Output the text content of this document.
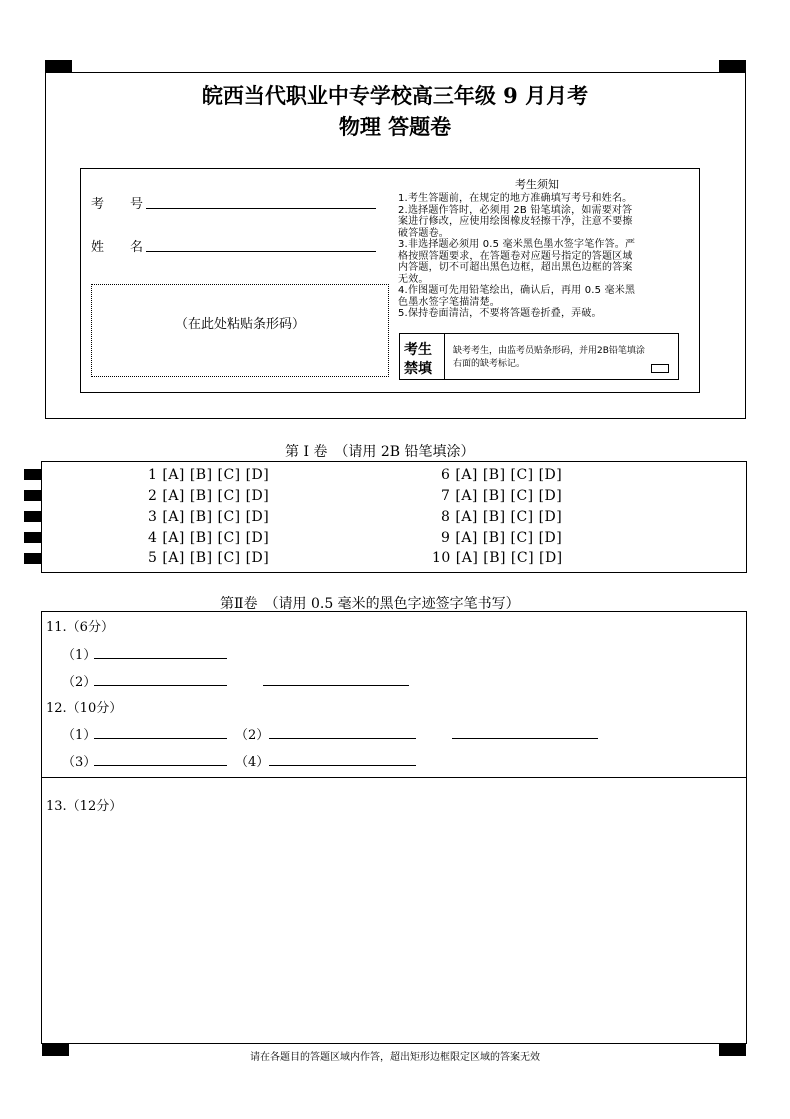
皖西当代职业中专学校高三年级 9 月月考
物理 答题卷
考　　号
姓　　名
（在此处粘贴条形码）
考生须知
1.考生答题前，在规定的地方准确填写考号和姓名。
2.选择题作答时，必须用 2B 铅笔填涂，如需要对答
案进行修改，应使用绘图橡皮轻擦干净，注意不要擦
破答题卷。
3.非选择题必须用 0.5 毫米黑色墨水签字笔作答。严
格按照答题要求，在答题卷对应题号指定的答题区域
内答题，切不可超出黑色边框，超出黑色边框的答案
无效。
4.作图题可先用铅笔绘出，确认后，再用 0.5 毫米黑
色墨水签字笔描清楚。
5.保持卷面清洁，不要将答题卷折叠，弄破。
考生
禁填
缺考考生，由监考员贴条形码，并用2B铅笔填涂
右面的缺考标记。
第 I 卷　（请用 2B 铅笔填涂）
1 [A] [B] [C] [D]
2 [A] [B] [C] [D]
3 [A] [B] [C] [D]
4 [A] [B] [C] [D]
5 [A] [B] [C] [D]
6 [A] [B] [C] [D]
7 [A] [B] [C] [D]
8 [A] [B] [C] [D]
9 [A] [B] [C] [D]
10 [A] [B] [C] [D]
第Ⅱ卷　（请用 0.5 毫米的黑色字迹签字笔书写）
11.（6分）
（1）
（2）
12.（10分）
（1）	（2）
（3）	（4）
13.（12分）
请在各题目的答题区域内作答，超出矩形边框限定区域的答案无效
